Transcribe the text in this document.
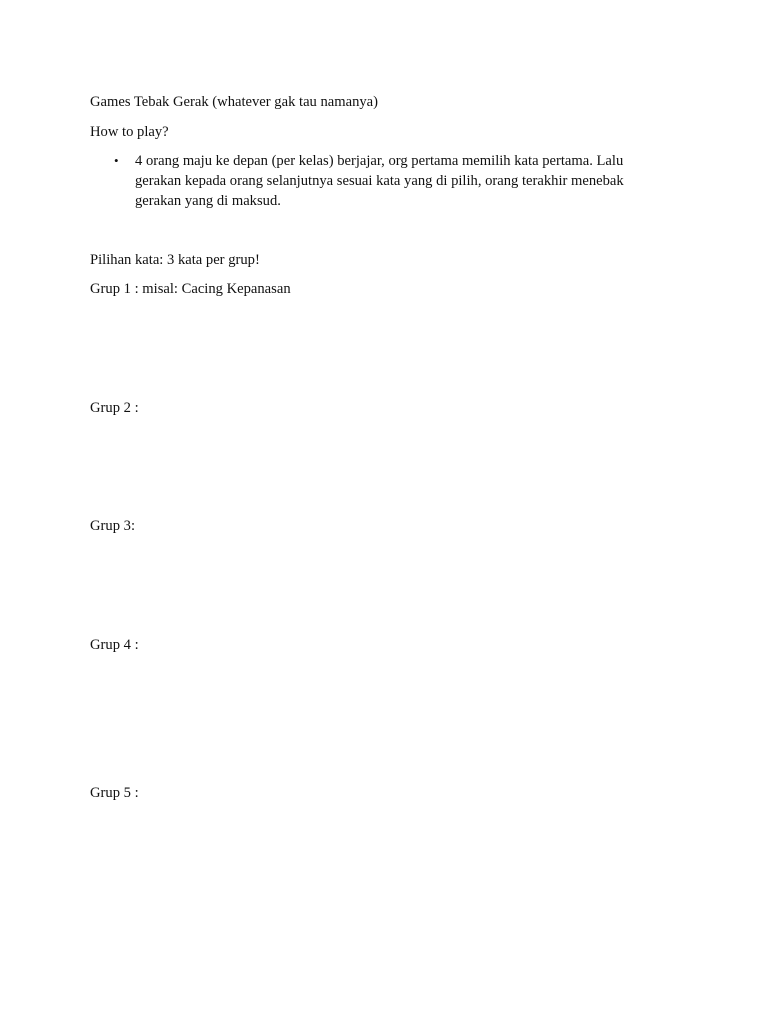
Games Tebak Gerak (whatever gak tau namanya)
How to play?
• 4 orang maju ke depan (per kelas) berjajar, org pertama memilih kata pertama. Lalu gerakan kepada orang selanjutnya sesuai kata yang di pilih, orang terakhir menebak gerakan yang di maksud.
Pilihan kata: 3 kata per grup!
Grup 1 : misal: Cacing Kepanasan
Grup 2 :
Grup 3:
Grup 4 :
Grup 5 :
